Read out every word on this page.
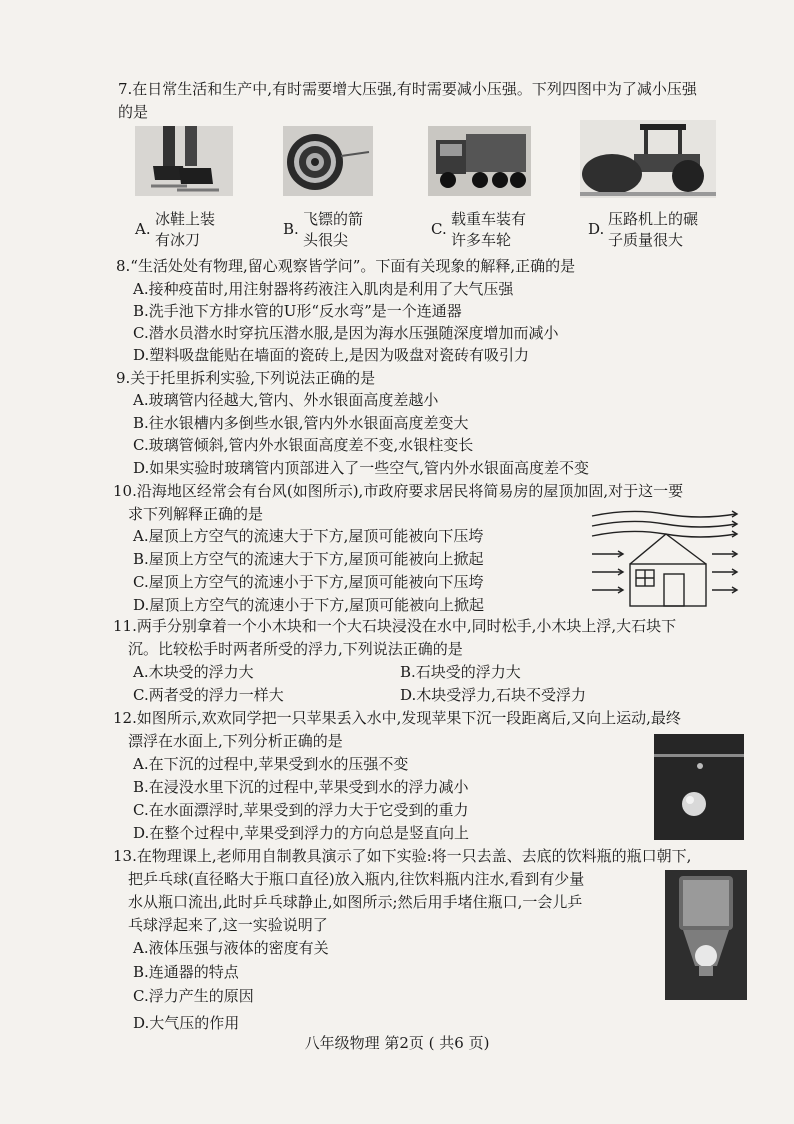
7.在日常生活和生产中,有时需要增大压强,有时需要减小压强。下列四图中为了减小压强
的是
A.
冰鞋上装
有冰刀
B.
飞镖的箭
头很尖
C.
载重车装有
许多车轮
D.
压路机上的碾
子质量很大
8.“生活处处有物理,留心观察皆学问”。下面有关现象的解释,正确的是
A.接种疫苗时,用注射器将药液注入肌肉是利用了大气压强
B.洗手池下方排水管的U形“反水弯”是一个连通器
C.潜水员潜水时穿抗压潜水服,是因为海水压强随深度增加而减小
D.塑料吸盘能贴在墙面的瓷砖上,是因为吸盘对瓷砖有吸引力
9.关于托里拆利实验,下列说法正确的是
A.玻璃管内径越大,管内、外水银面高度差越小
B.往水银槽内多倒些水银,管内外水银面高度差变大
C.玻璃管倾斜,管内外水银面高度差不变,水银柱变长
D.如果实验时玻璃管内顶部进入了一些空气,管内外水银面高度差不变
10.沿海地区经常会有台风(如图所示),市政府要求居民将简易房的屋顶加固,对于这一要
求下列解释正确的是
A.屋顶上方空气的流速大于下方,屋顶可能被向下压垮
B.屋顶上方空气的流速大于下方,屋顶可能被向上掀起
C.屋顶上方空气的流速小于下方,屋顶可能被向下压垮
D.屋顶上方空气的流速小于下方,屋顶可能被向上掀起
11.两手分别拿着一个小木块和一个大石块浸没在水中,同时松手,小木块上浮,大石块下
沉。比较松手时两者所受的浮力,下列说法正确的是
A.木块受的浮力大	B.石块受的浮力大
C.两者受的浮力一样大	D.木块受浮力,石块不受浮力
12.如图所示,欢欢同学把一只苹果丢入水中,发现苹果下沉一段距离后,又向上运动,最终
漂浮在水面上,下列分析正确的是
A.在下沉的过程中,苹果受到水的压强不变
B.在浸没水里下沉的过程中,苹果受到水的浮力减小
C.在水面漂浮时,苹果受到的浮力大于它受到的重力
D.在整个过程中,苹果受到浮力的方向总是竖直向上
13.在物理课上,老师用自制教具演示了如下实验:将一只去盖、去底的饮料瓶的瓶口朝下,
把乒乓球(直径略大于瓶口直径)放入瓶内,往饮料瓶内注水,看到有少量
水从瓶口流出,此时乒乓球静止,如图所示;然后用手堵住瓶口,一会儿乒
乓球浮起来了,这一实验说明了
A.液体压强与液体的密度有关
B.连通器的特点
C.浮力产生的原因
D.大气压的作用
八年级物理 第2页 ( 共6 页)
